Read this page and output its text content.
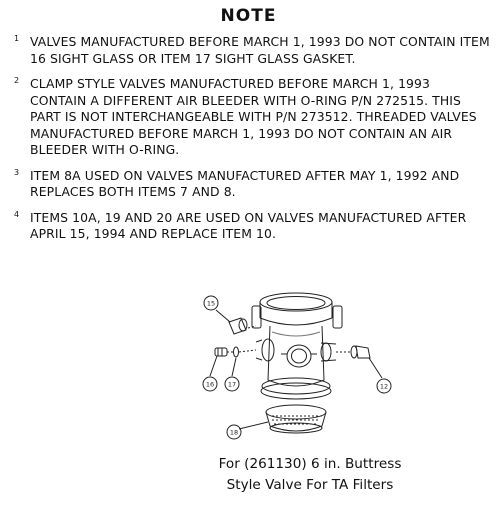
NOTE
1 VALVES MANUFACTURED BEFORE MARCH 1, 1993 DO NOT CONTAIN ITEM 16 SIGHT GLASS OR ITEM 17 SIGHT GLASS GASKET.
2 CLAMP STYLE VALVES MANUFACTURED BEFORE MARCH 1, 1993 CONTAIN A DIFFERENT AIR BLEEDER WITH O-RING P/N 272515. THIS PART IS NOT INTERCHANGEABLE WITH P/N 273512. THREADED VALVES MANUFACTURED BEFORE MARCH 1, 1993 DO NOT CONTAIN AN AIR BLEEDER WITH O-RING.
3 ITEM 8A USED ON VALVES MANUFACTURED AFTER MAY 1, 1992 AND REPLACES BOTH ITEMS 7 AND 8.
4 ITEMS 10A, 19 AND 20 ARE USED ON VALVES MANUFACTURED AFTER APRIL 15, 1994 AND REPLACE ITEM 10.
15
16 17	12
18
For (261130) 6 in. Buttress
Style Valve For TA Filters
